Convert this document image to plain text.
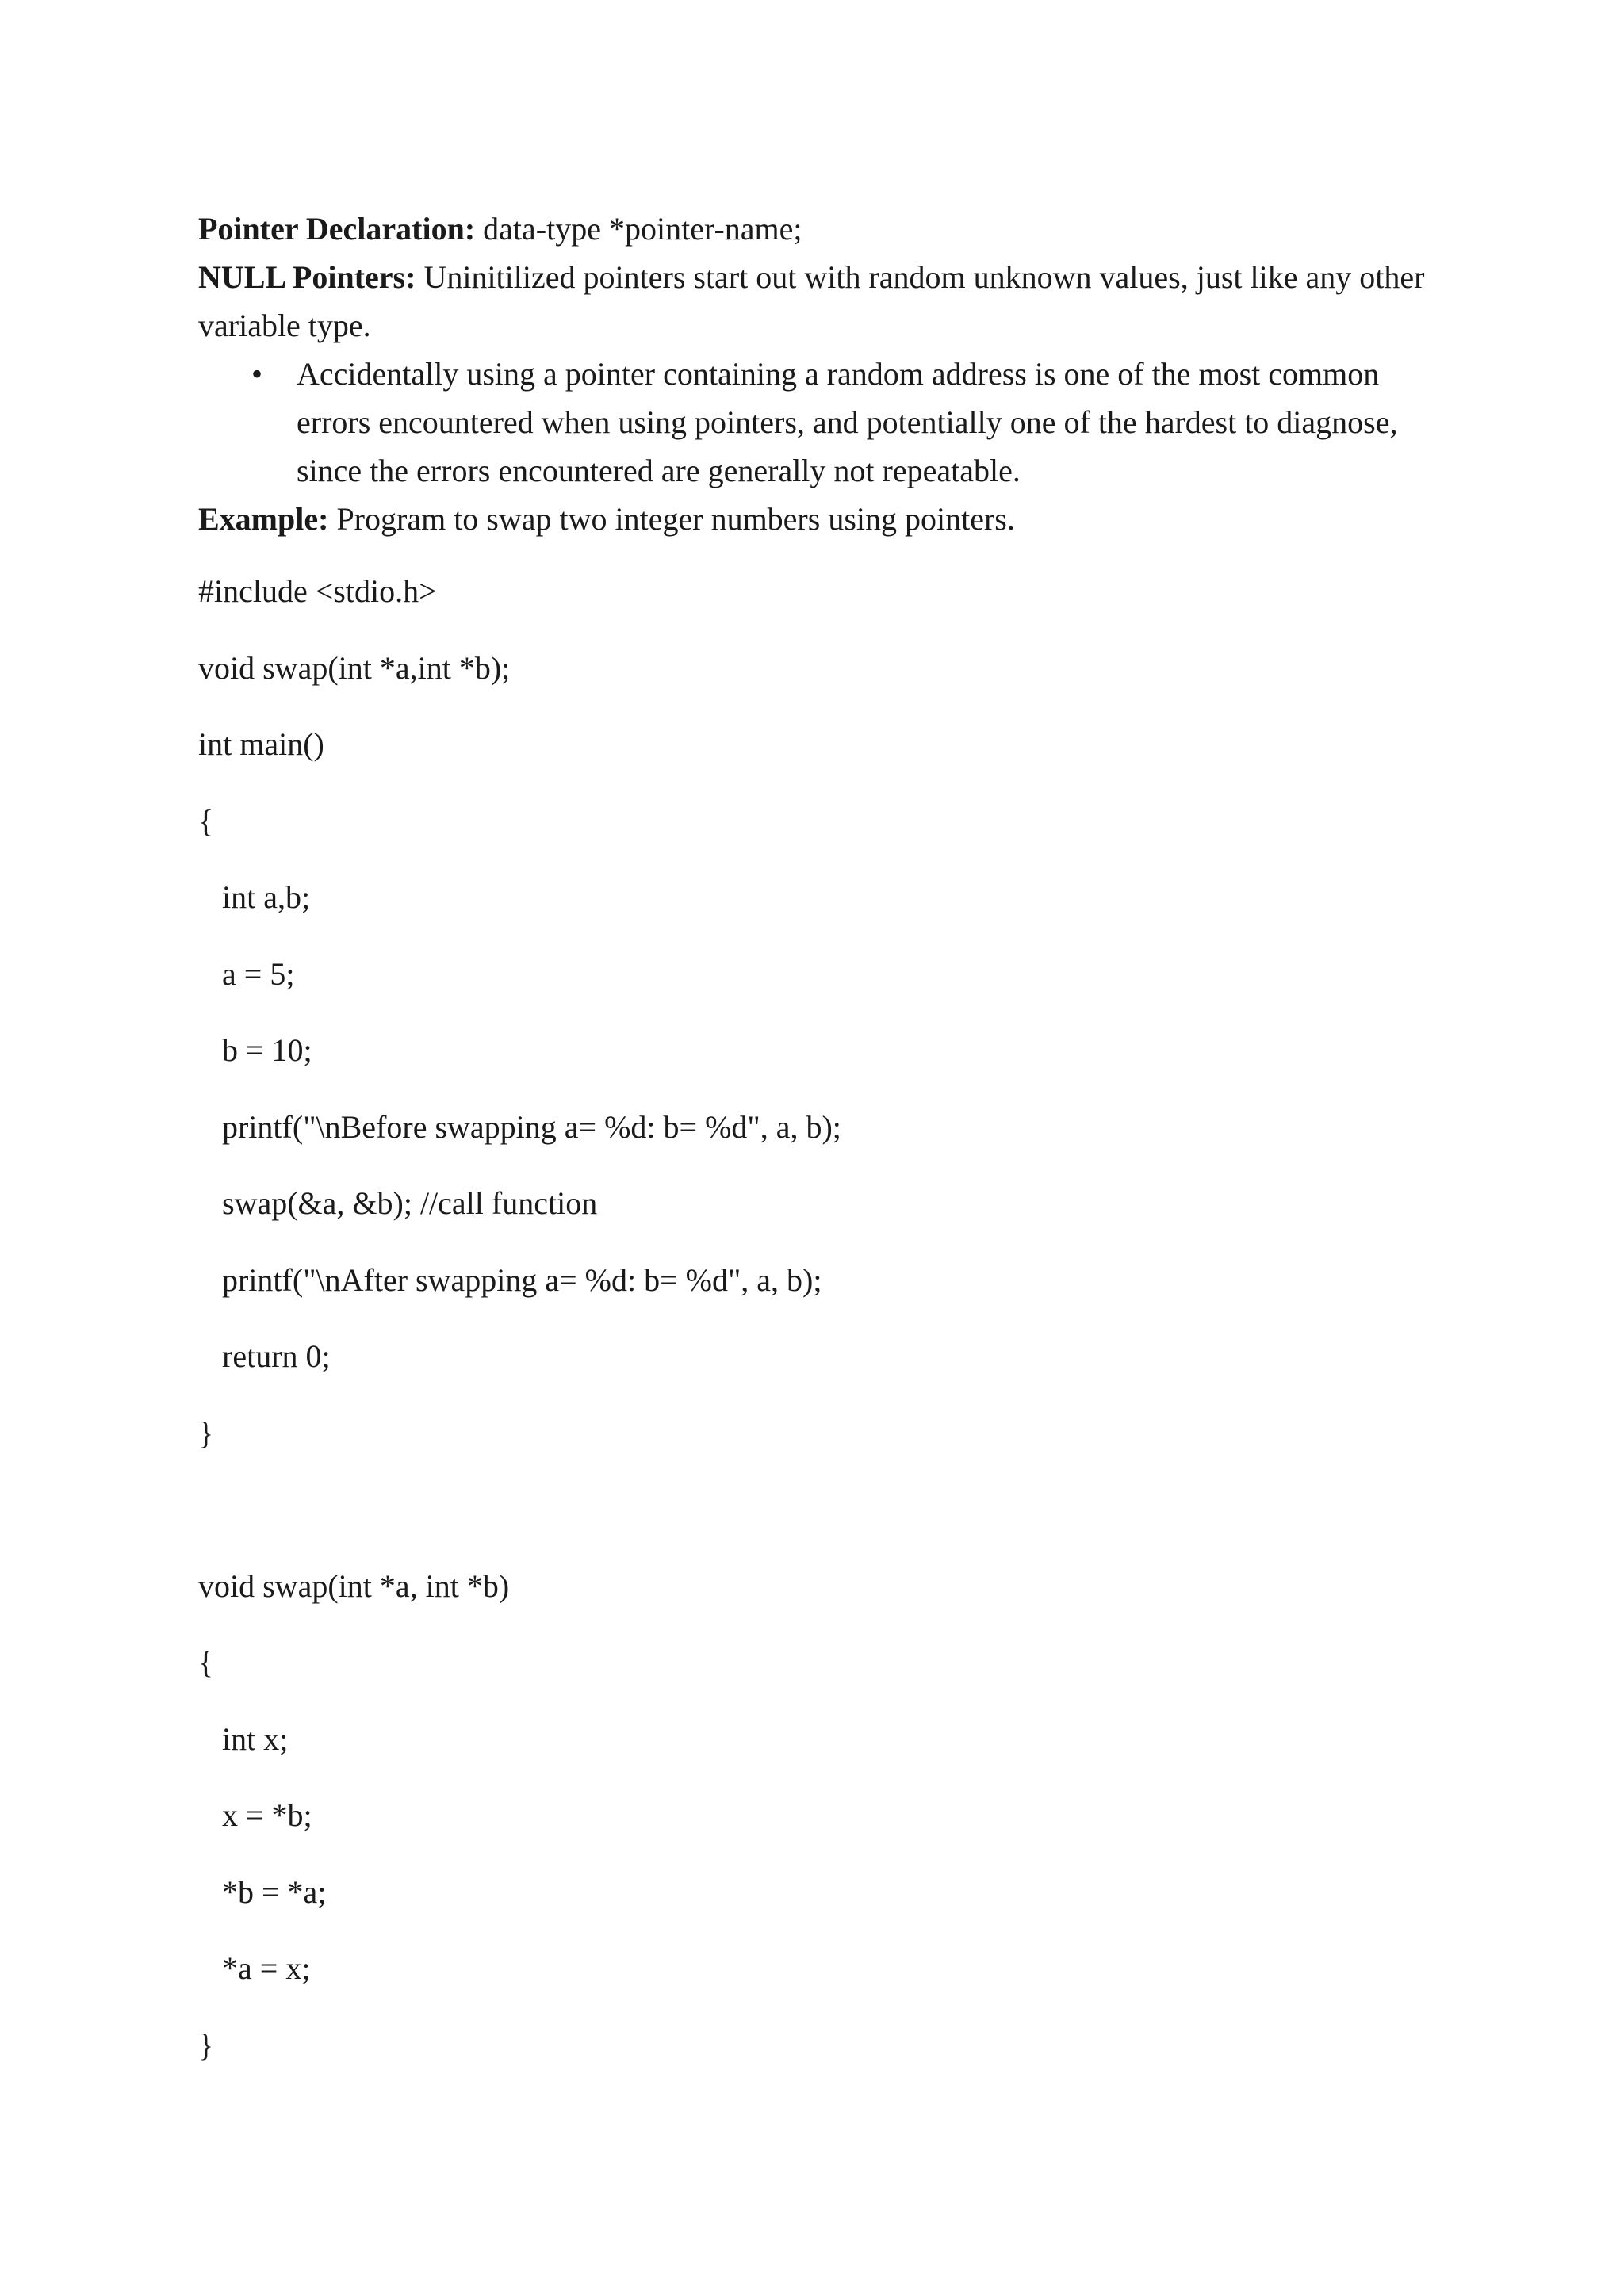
Pointer Declaration: data-type *pointer-name;
NULL Pointers: Uninitilized pointers start out with random unknown values, just like any other variable type.
• Accidentally using a pointer containing a random address is one of the most common errors encountered when using pointers, and potentially one of the hardest to diagnose, since the errors encountered are generally not repeatable.
Example: Program to swap two integer numbers using pointers.
#include <stdio.h>
void swap(int *a,int *b);
int main()
{
int a,b;
a = 5;
b = 10;
printf("\nBefore swapping a= %d: b= %d", a, b);
swap(&a, &b); //call function
printf("\nAfter swapping a= %d: b= %d", a, b);
return 0;
}
void swap(int *a, int *b)
{
int x;
x = *b;
*b = *a;
*a = x;
}
